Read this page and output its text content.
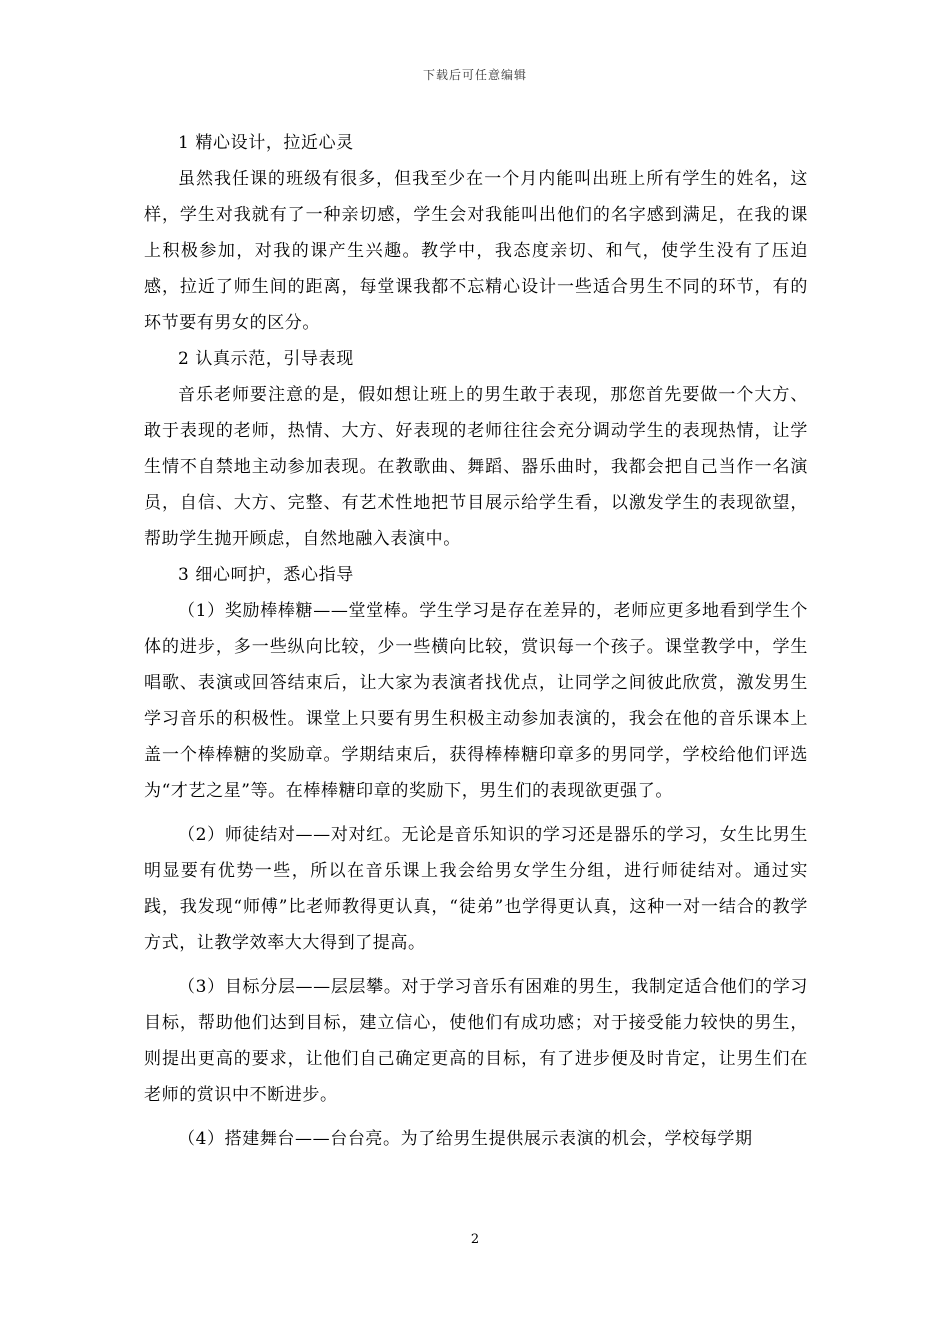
下载后可任意编辑

1 精心设计，拉近心灵

虽然我任课的班级有很多，但我至少在一个月内能叫出班上所有学生的姓名，这样，学生对我就有了一种亲切感，学生会对我能叫出他们的名字感到满足，在我的课上积极参加，对我的课产生兴趣。教学中，我态度亲切、和气，使学生没有了压迫感，拉近了师生间的距离，每堂课我都不忘精心设计一些适合男生不同的环节，有的环节要有男女的区分。

2 认真示范，引导表现

音乐老师要注意的是，假如想让班上的男生敢于表现，那您首先要做一个大方、敢于表现的老师，热情、大方、好表现的老师往往会充分调动学生的表现热情，让学生情不自禁地主动参加表现。在教歌曲、舞蹈、器乐曲时，我都会把自己当作一名演员，自信、大方、完整、有艺术性地把节目展示给学生看，以激发学生的表现欲望，帮助学生抛开顾虑，自然地融入表演中。

3 细心呵护，悉心指导

（1）奖励棒棒糖——堂堂棒。学生学习是存在差异的，老师应更多地看到学生个体的进步，多一些纵向比较，少一些横向比较，赏识每一个孩子。课堂教学中，学生唱歌、表演或回答结束后，让大家为表演者找优点，让同学之间彼此欣赏，激发男生学习音乐的积极性。课堂上只要有男生积极主动参加表演的，我会在他的音乐课本上盖一个棒棒糖的奖励章。学期结束后，获得棒棒糖印章多的男同学，学校给他们评选为“才艺之星”等。在棒棒糖印章的奖励下，男生们的表现欲更强了。

（2）师徒结对——对对红。无论是音乐知识的学习还是器乐的学习，女生比男生明显要有优势一些，所以在音乐课上我会给男女学生分组，进行师徒结对。通过实践，我发现“师傅”比老师教得更认真，“徒弟”也学得更认真，这种一对一结合的教学方式，让教学效率大大得到了提高。

（3）目标分层——层层攀。对于学习音乐有困难的男生，我制定适合他们的学习目标，帮助他们达到目标，建立信心，使他们有成功感；对于接受能力较快的男生，则提出更高的要求，让他们自己确定更高的目标，有了进步便及时肯定，让男生们在老师的赏识中不断进步。

（4）搭建舞台——台台亮。为了给男生提供展示表演的机会，学校每学期

2
